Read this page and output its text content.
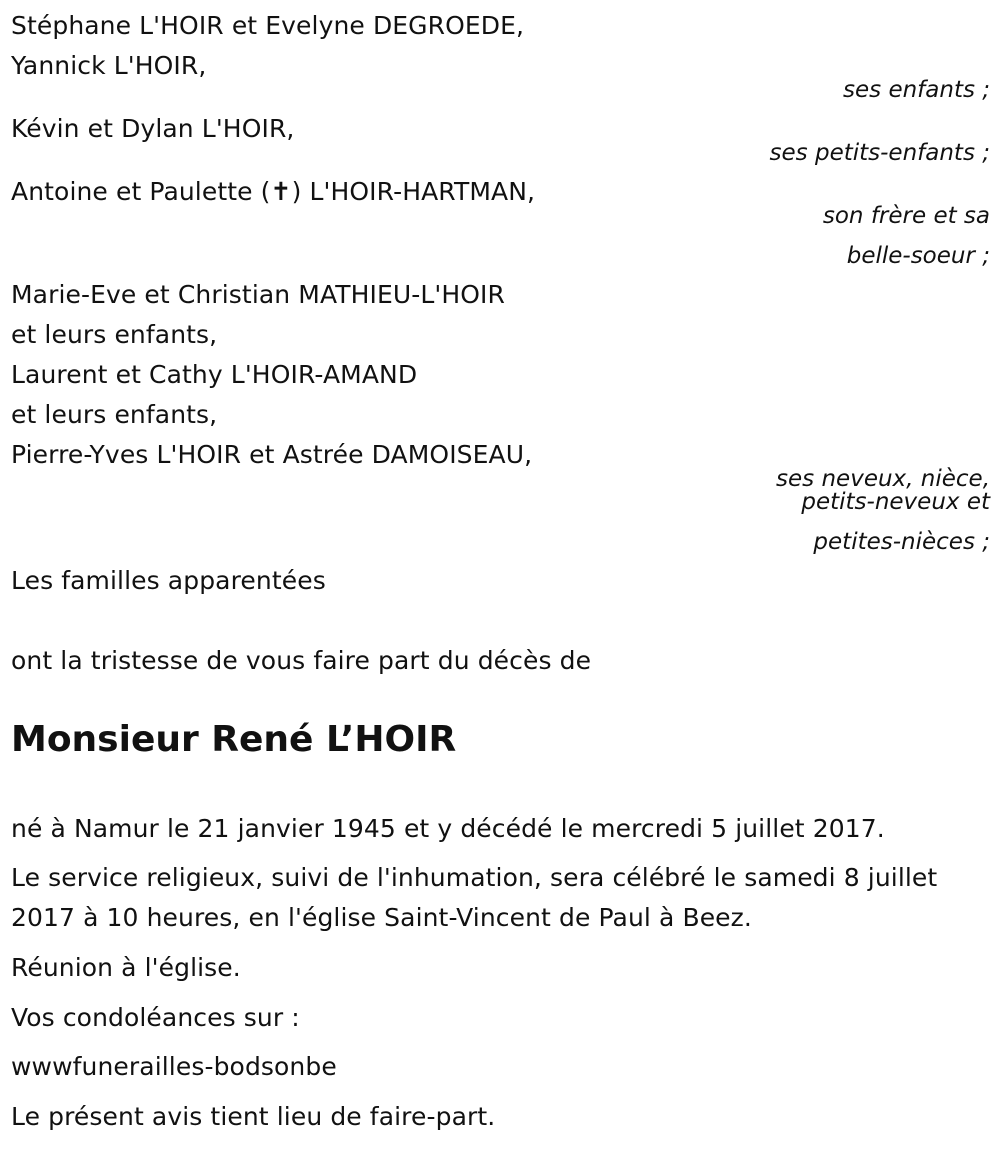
Stéphane L'HOIR et Evelyne DEGROEDE,
Yannick L'HOIR,
ses enfants ;
Kévin et Dylan L'HOIR,
ses petits-enfants ;
Antoine et Paulette (✝) L'HOIR-HARTMAN,
son frère et sa
belle-soeur ;
Marie-Eve et Christian MATHIEU-L'HOIR
et leurs enfants,
Laurent et Cathy L'HOIR-AMAND
et leurs enfants,
Pierre-Yves L'HOIR et Astrée DAMOISEAU,
ses neveux, nièce,
petits-neveux et
petites-nièces ;
Les familles apparentées
ont la tristesse de vous faire part du décès de
Monsieur René L’HOIR
né à Namur le 21 janvier 1945 et y décédé le mercredi 5 juillet 2017.
Le service religieux, suivi de l'inhumation, sera célébré le samedi 8 juillet
2017 à 10 heures, en l'église Saint-Vincent de Paul à Beez.
Réunion à l'église.
Vos condoléances sur :
wwwfunerailles-bodsonbe
Le présent avis tient lieu de faire-part.
